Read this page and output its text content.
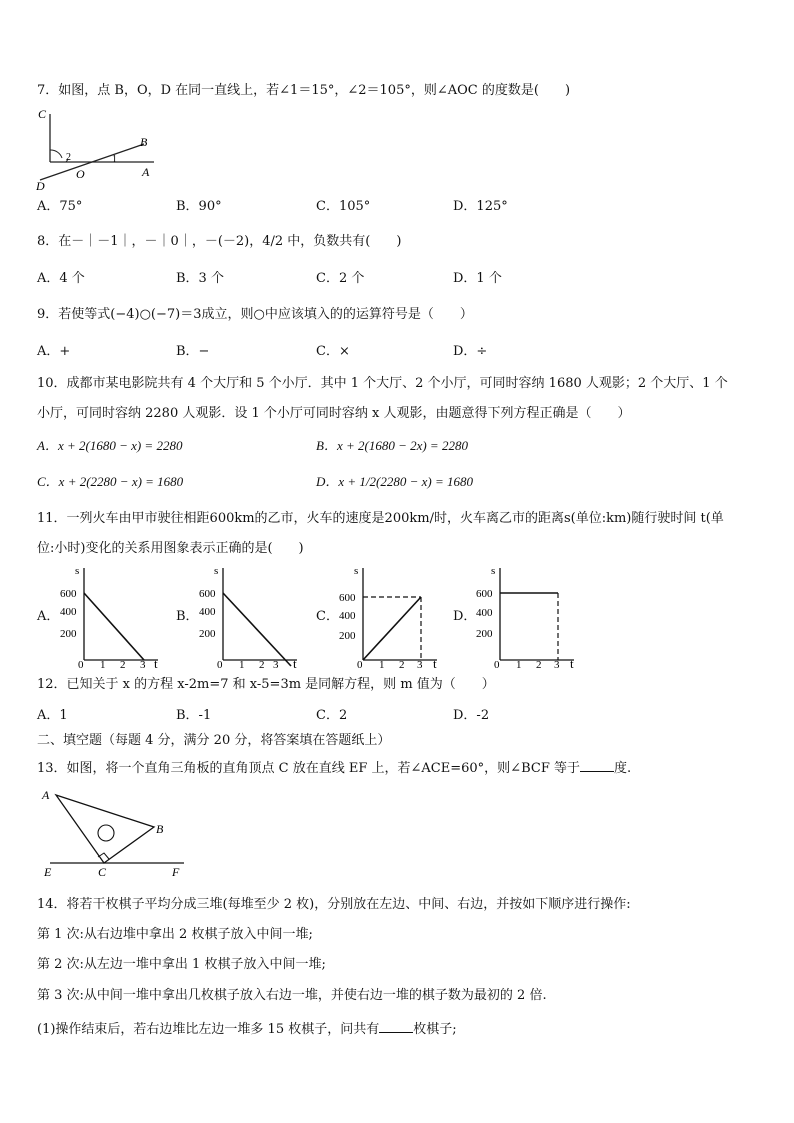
7．如图，点 B，O，D 在同一直线上，若∠1＝15°，∠2＝105°，则∠AOC 的度数是(　　)
C
B
O	A
D
1
2
A．75°	B．90°	C．105°	D．125°
8．在－｜－1｜，－｜0｜，－(－2)，4/2 中，负数共有(　　)
A．4 个	B．3 个	C．2 个	D．1 个
9．若使等式(−4)○(−7)＝3成立，则○中应该填入的的运算符号是（　　）
A．+	B．−	C．×	D．÷
10．成都市某电影院共有 4 个大厅和 5 个小厅．其中 1 个大厅、2 个小厅，可同时容纳 1680 人观影；2 个大厅、1 个
小厅，可同时容纳 2280 人观影．设 1 个小厅可同时容纳 x 人观影，由题意得下列方程正确是（　　）
A．x + 2(1680 − x) = 2280	B．x + 2(1680 − 2x) = 2280
C．x + 2(2280 − x) = 1680	D．x + 1/2(2280 − x) = 1680
11．一列火车由甲市驶往相距600km的乙市，火车的速度是200km/时，火车离乙市的距离s(单位:km)随行驶时间 t(单
位:小时)变化的关系用图象表示正确的是(　　)
A．
s
600
400
200
0 1 2 3 t
B．
s
600
400
200
0 1 2 3 t
C．
s
600
400
200
0 1 2 3 t
D．
s
600
400
200
0 1 2 3 t
12．已知关于 x 的方程 x-2m=7 和 x-5=3m 是同解方程，则 m 值为（　　）
A．1	B．-1	C．2	D．-2
二、填空题（每题 4 分，满分 20 分，将答案填在答题纸上）
13．如图，将一个直角三角板的直角顶点 C 放在直线 EF 上，若∠ACE=60°，则∠BCF 等于	度.
A
B
C
E	F
14．将若干枚棋子平均分成三堆(每堆至少 2 枚)，分别放在左边、中间、右边，并按如下顺序进行操作:
第 1 次:从右边堆中拿出 2 枚棋子放入中间一堆;
第 2 次:从左边一堆中拿出 1 枚棋子放入中间一堆;
第 3 次:从中间一堆中拿出几枚棋子放入右边一堆，并使右边一堆的棋子数为最初的 2 倍.
(1)操作结束后，若右边堆比左边一堆多 15 枚棋子，问共有	枚棋子;
